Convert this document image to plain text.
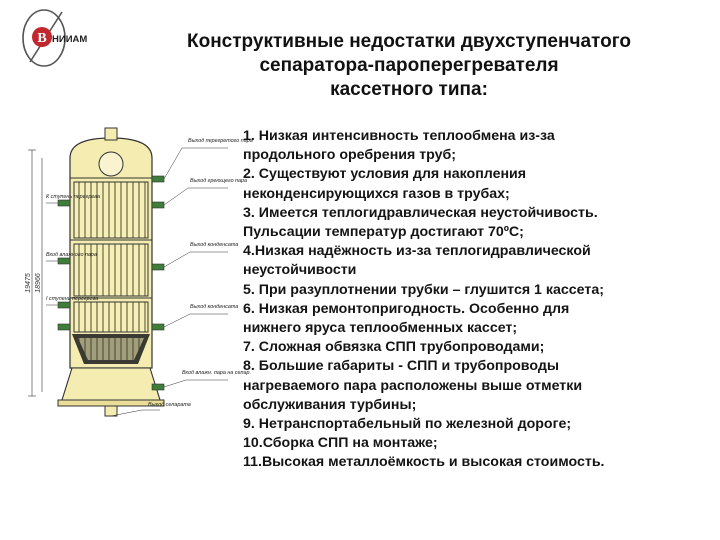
В НИИАМ	Конструктивные недостатки двухступенчатого
сепаратора-пароперегревателя
кассетного типа:
19475 18966
Выход перегретого пара
Выход греющего пара
К ступень перегрева
Выход конденсата
Вход влажного пара
I ступень перегрева
Выход конденсата
Вход влажн. пара на сепар.
Выход сепарата
1. Низкая интенсивность теплообмена из-за
продольного оребрения труб;
2. Существуют условия для накопления
неконденсирующихся газов в трубах;
3. Имеется теплогидравлическая неустойчивость.
Пульсации температур достигают 70ºС;
4.Низкая надёжность из-за теплогидравлической
неустойчивости
5. При разуплотнении трубки – глушится 1 кассета;
6. Низкая ремонтопригодность. Особенно для
нижнего яруса теплообменных кассет;
7. Сложная обвязка СПП трубопроводами;
8. Большие габариты - СПП и трубопроводы
нагреваемого пара расположены выше отметки
обслуживания турбины;
9. Нетранспортабельный по железной дороге;
10.Сборка СПП на монтаже;
11.Высокая металлоёмкость и высокая стоимость.
